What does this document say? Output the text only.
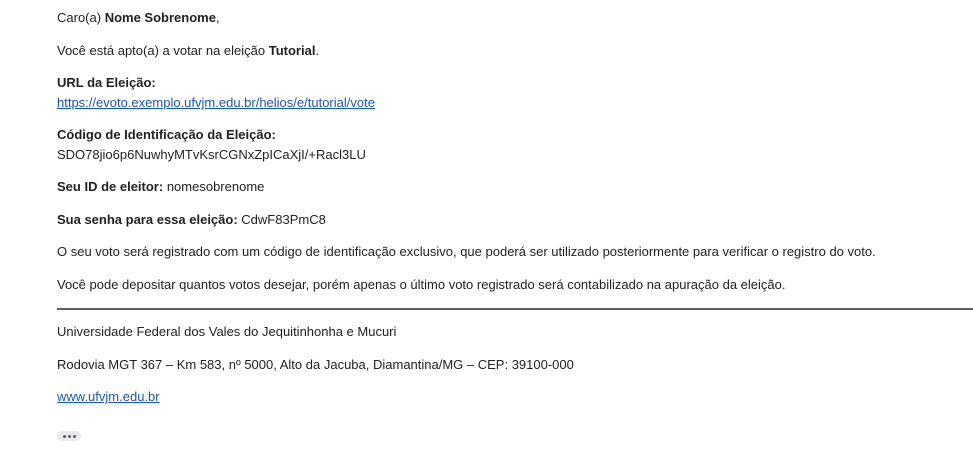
Caro(a) Nome Sobrenome,
Você está apto(a) a votar na eleição Tutorial.
URL da Eleição:
https://evoto.exemplo.ufvjm.edu.br/helios/e/tutorial/vote
Código de Identificação da Eleição:
SDO78jio6p6NuwhyMTvKsrCGNxZpICaXjI/+Racl3LU
Seu ID de eleitor: nomesobrenome
Sua senha para essa eleição: CdwF83PmC8
O seu voto será registrado com um código de identificação exclusivo, que poderá ser utilizado posteriormente para verificar o registro do voto.
Você pode depositar quantos votos desejar, porém apenas o último voto registrado será contabilizado na apuração da eleição.
Universidade Federal dos Vales do Jequitinhonha e Mucuri
Rodovia MGT 367 – Km 583, nº 5000, Alto da Jacuba, Diamantina/MG – CEP: 39100-000
www.ufvjm.edu.br
